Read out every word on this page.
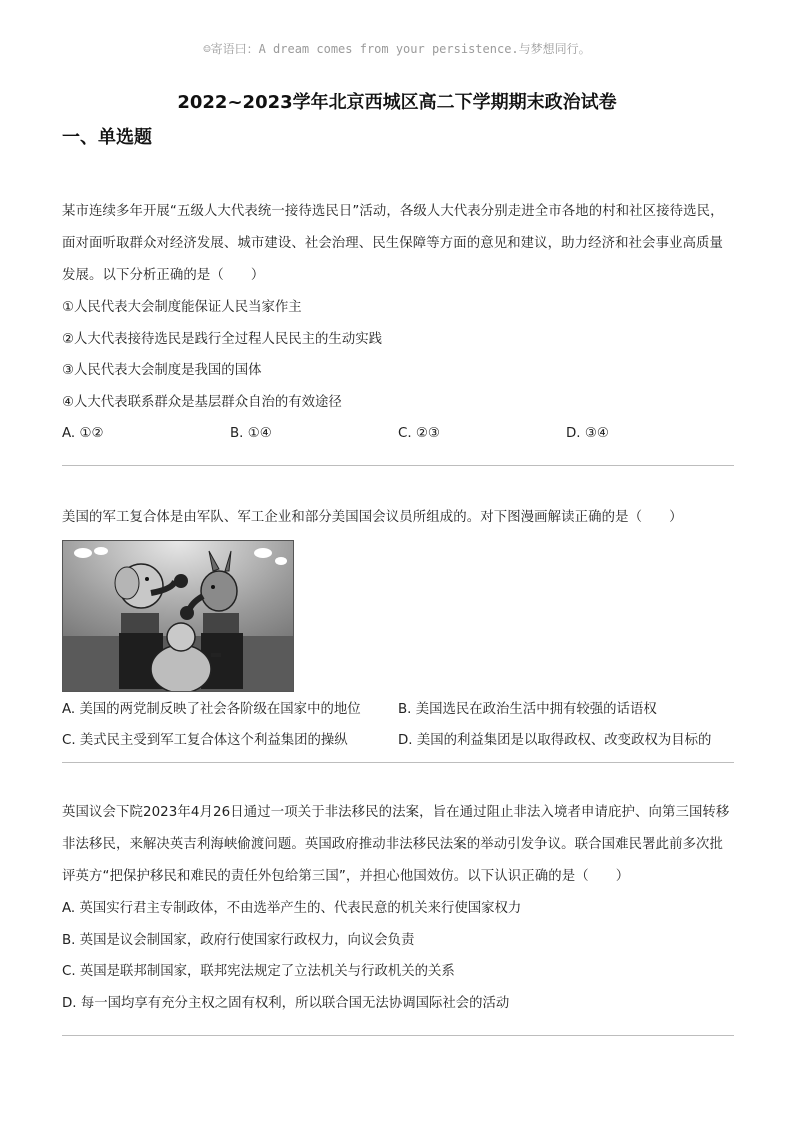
☺寄语曰：A dream comes from your persistence.与梦想同行。
2022~2023学年北京西城区高二下学期期末政治试卷
一、单选题
某市连续多年开展“五级人大代表统一接待选民日”活动，各级人大代表分别走进全市各地的村和社区接待选民，面对面听取群众对经济发展、城市建设、社会治理、民生保障等方面的意见和建议，助力经济和社会事业高质量发展。以下分析正确的是（　　）
①人民代表大会制度能保证人民当家作主
②人大代表接待选民是践行全过程人民民主的生动实践
③人民代表大会制度是我国的国体
④人大代表联系群众是基层群众自治的有效途径
A. ①②	B. ①④	C. ②③	D. ③④
美国的军工复合体是由军队、军工企业和部分美国国会议员所组成的。对下图漫画解读正确的是（　　）
A. 美国的两党制反映了社会各阶级在国家中的地位	B. 美国选民在政治生活中拥有较强的话语权
C. 美式民主受到军工复合体这个利益集团的操纵	D. 美国的利益集团是以取得政权、改变政权为目标的
英国议会下院2023年4月26日通过一项关于非法移民的法案，旨在通过阻止非法入境者申请庇护、向第三国转移非法移民，来解决英吉利海峡偷渡问题。英国政府推动非法移民法案的举动引发争议。联合国难民署此前多次批评英方“把保护移民和难民的责任外包给第三国”，并担心他国效仿。以下认识正确的是（　　）
A. 英国实行君主专制政体，不由选举产生的、代表民意的机关来行使国家权力
B. 英国是议会制国家，政府行使国家行政权力，向议会负责
C. 英国是联邦制国家，联邦宪法规定了立法机关与行政机关的关系
D. 每一国均享有充分主权之固有权利，所以联合国无法协调国际社会的活动
